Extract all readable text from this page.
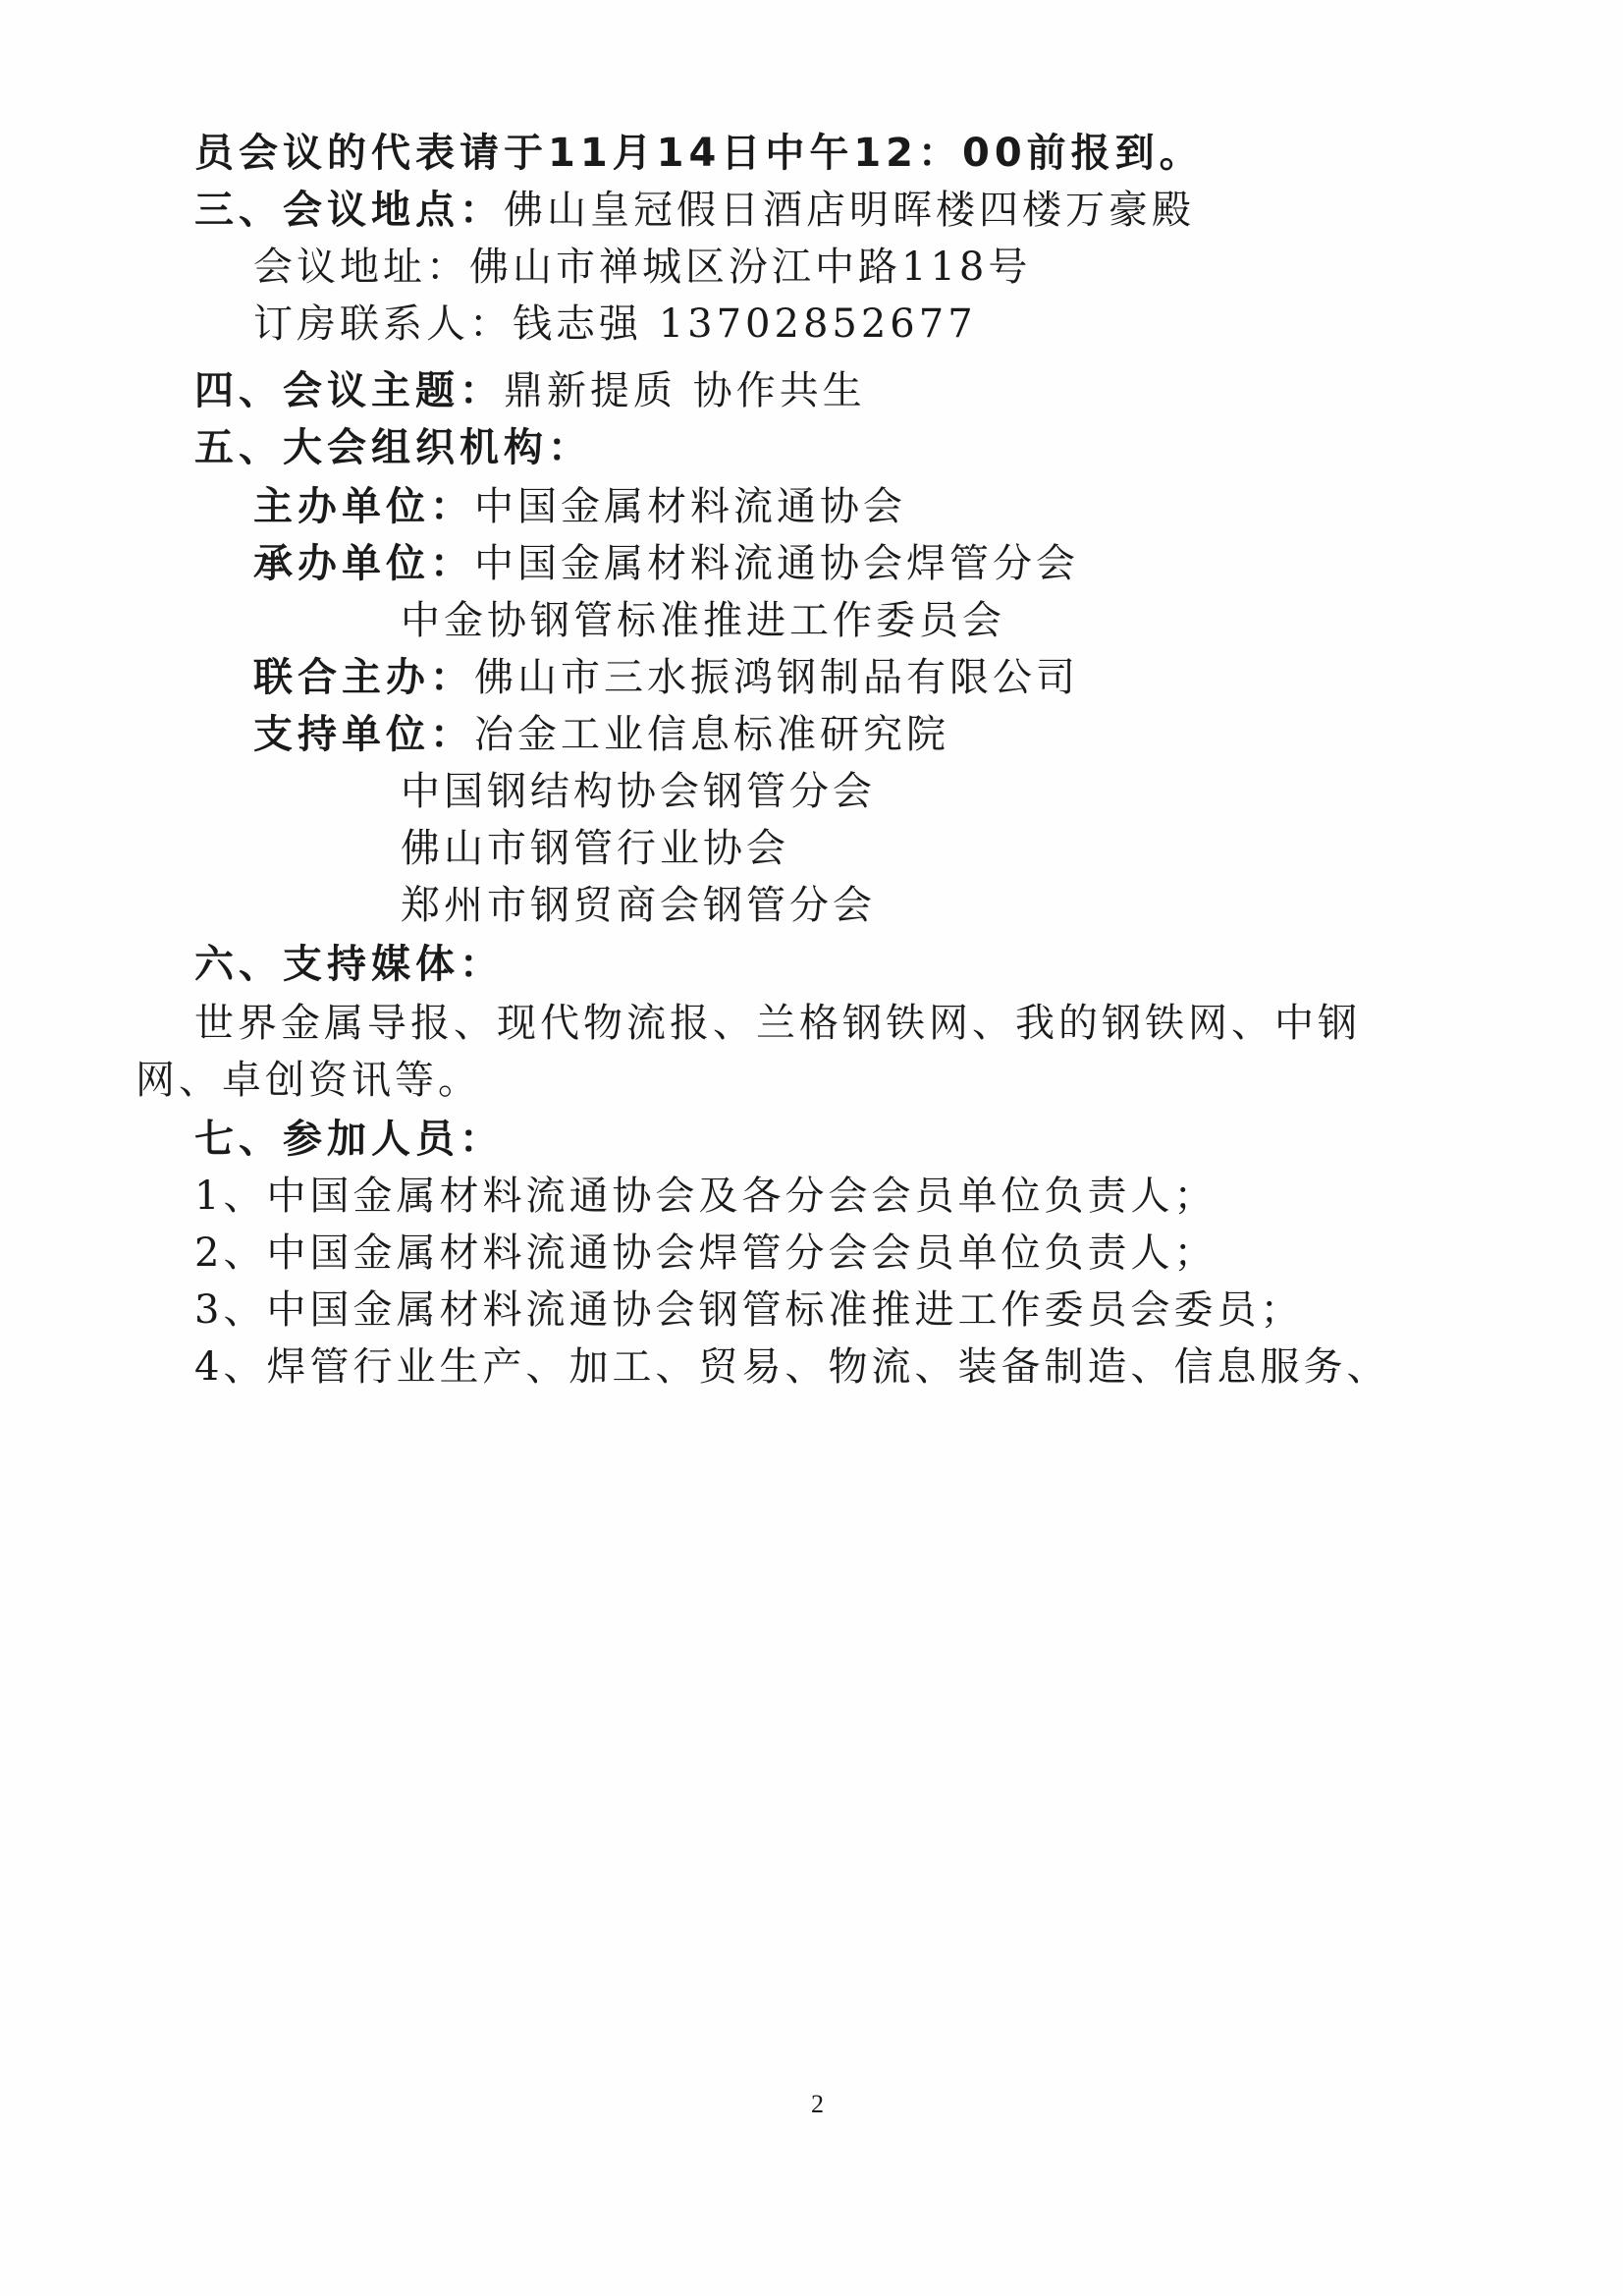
员会议的代表请于11月14日中午12：00前报到。
三、会议地点：佛山皇冠假日酒店明晖楼四楼万豪殿
会议地址：佛山市禅城区汾江中路118号
订房联系人：钱志强 13702852677
四、会议主题：鼎新提质 协作共生
五、大会组织机构：
主办单位：中国金属材料流通协会
承办单位：中国金属材料流通协会焊管分会
中金协钢管标准推进工作委员会
联合主办：佛山市三水振鸿钢制品有限公司
支持单位：冶金工业信息标准研究院
中国钢结构协会钢管分会
佛山市钢管行业协会
郑州市钢贸商会钢管分会
六、支持媒体：
世界金属导报、现代物流报、兰格钢铁网、我的钢铁网、中钢
网、卓创资讯等。
七、参加人员：
1、中国金属材料流通协会及各分会会员单位负责人；
2、中国金属材料流通协会焊管分会会员单位负责人；
3、中国金属材料流通协会钢管标准推进工作委员会委员；
4、焊管行业生产、加工、贸易、物流、装备制造、信息服务、
2
